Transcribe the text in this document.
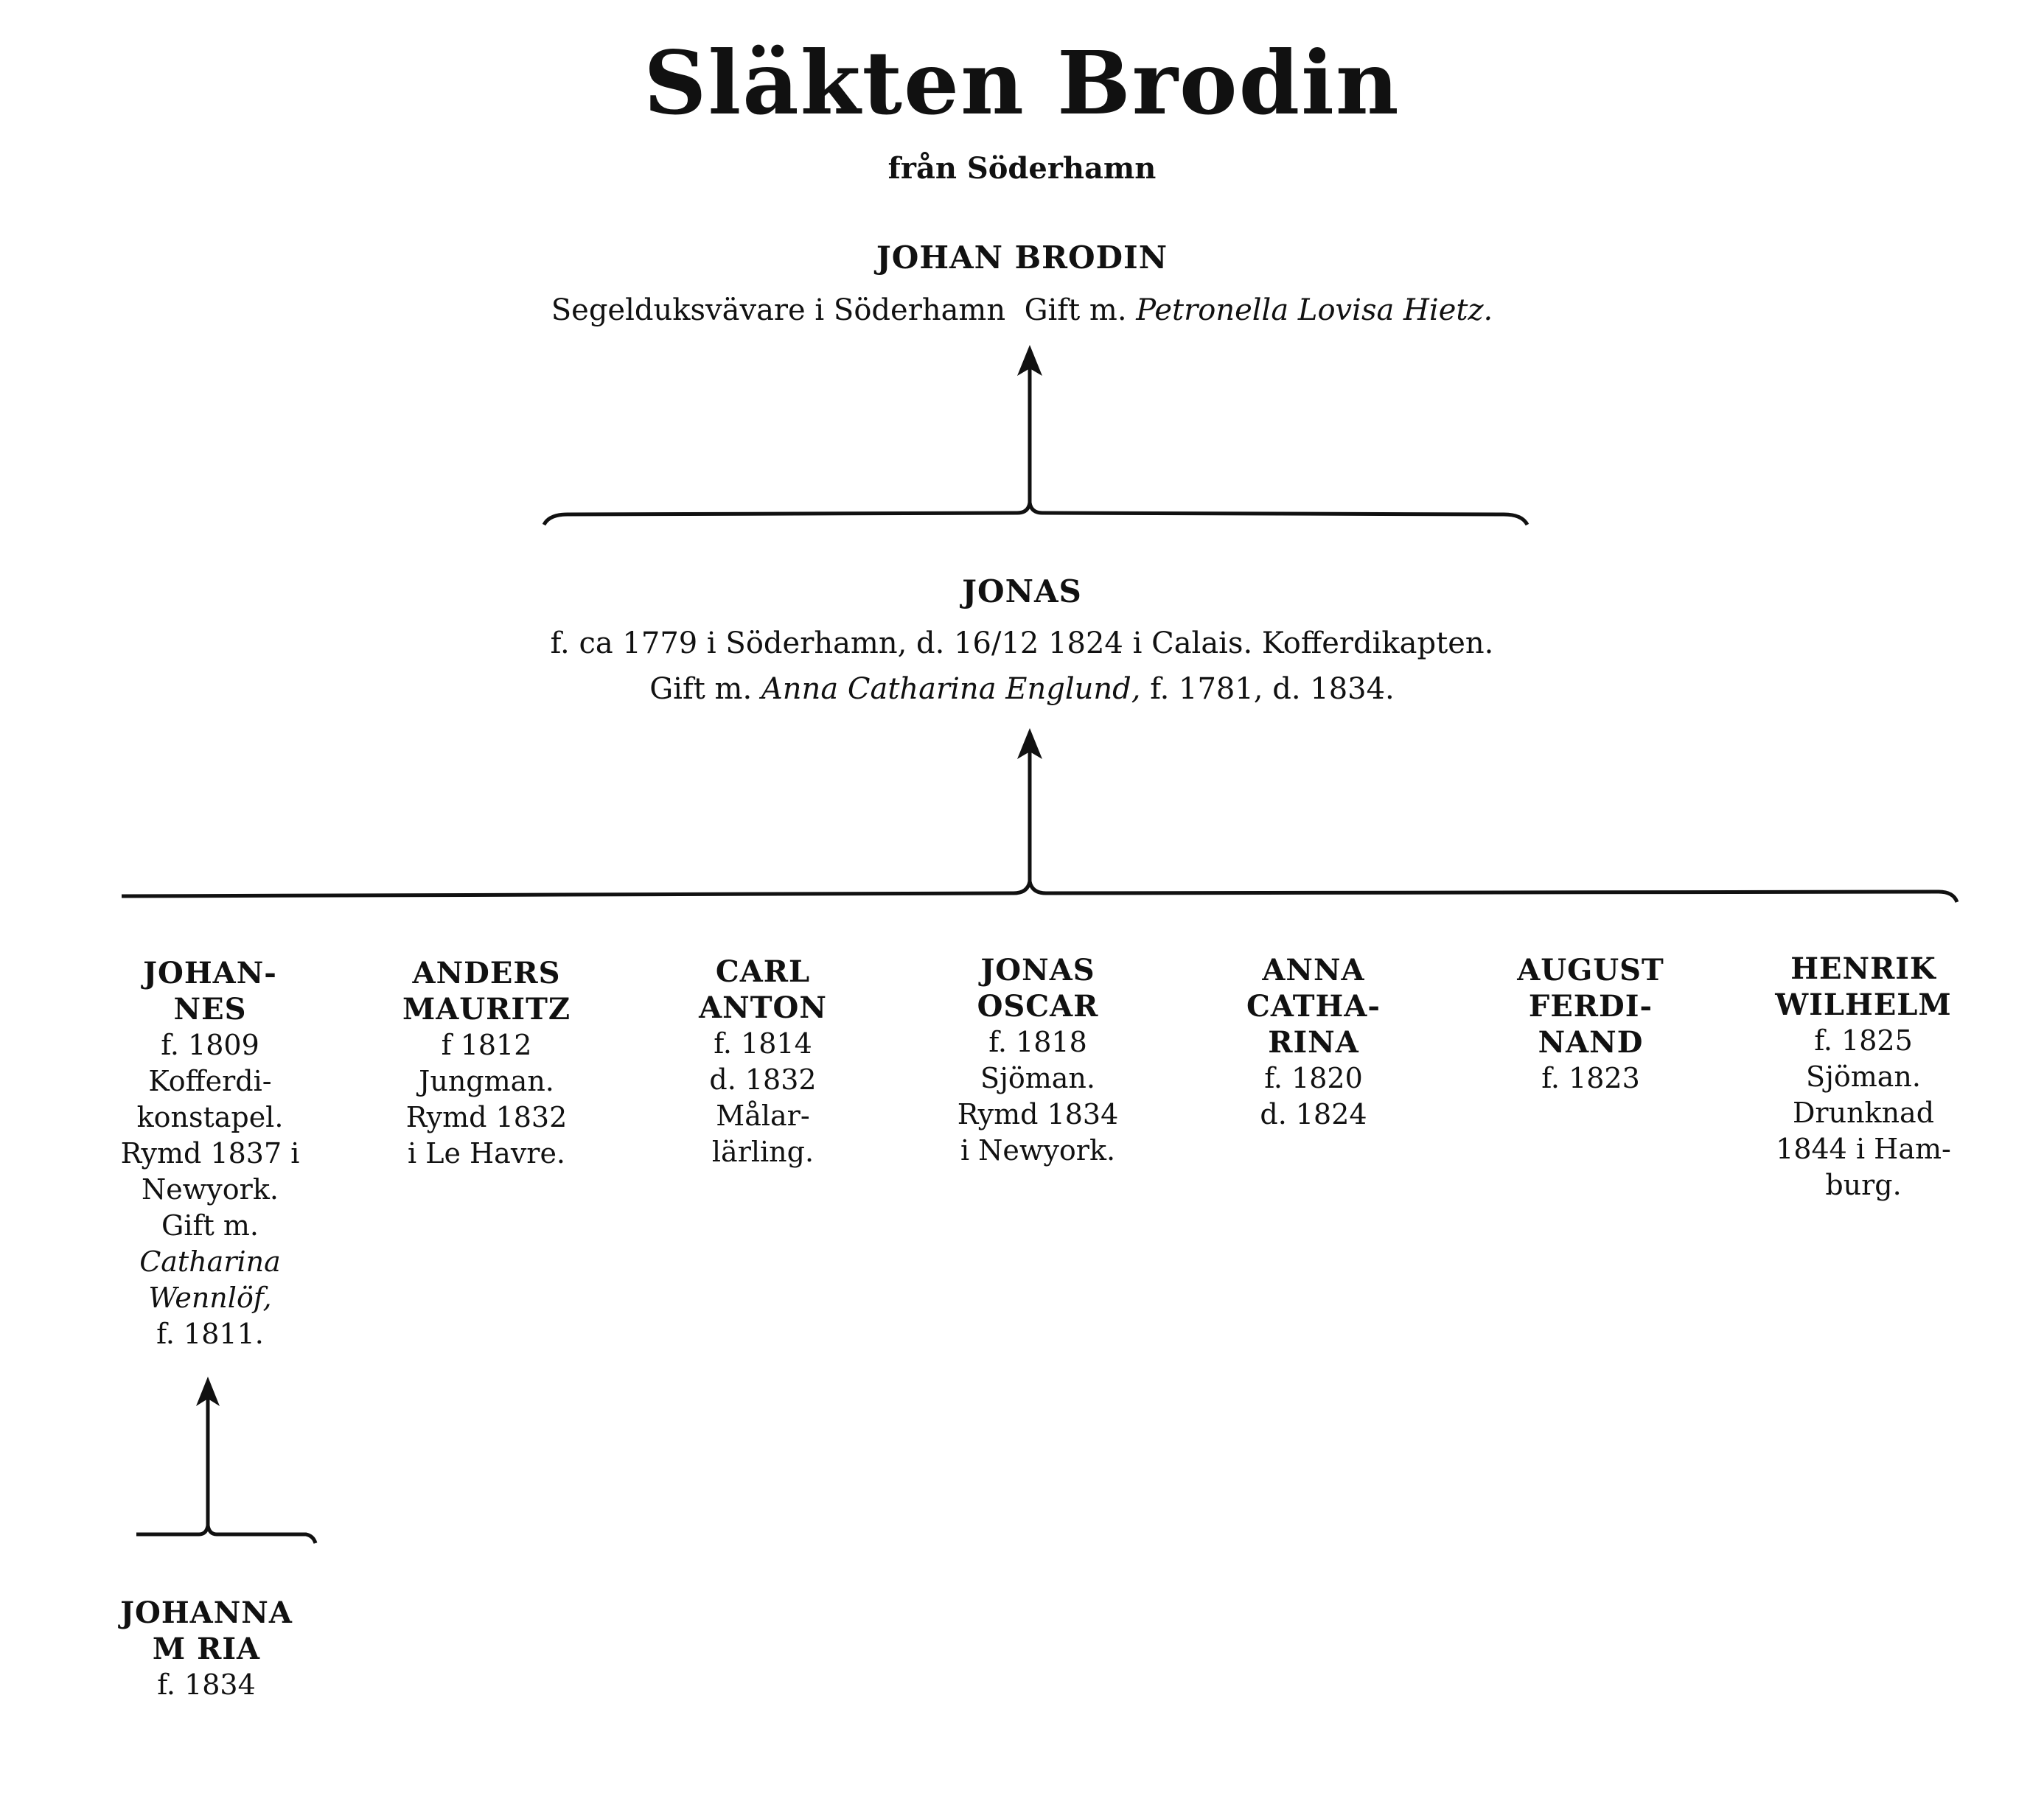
Släkten Brodin
från Söderhamn
JOHAN BRODIN
Segelduksvävare i Söderhamn Gift m. Petronella Lovisa Hietz.
JONAS
f. ca 1779 i Söderhamn, d. 16/12 1824 i Calais. Kofferdikapten.
Gift m. Anna Catharina Englund, f. 1781, d. 1834.
JOHAN-
NES
f. 1809
Kofferdi-
konstapel.
Rymd 1837 i
Newyork.
Gift m.
Catharina
Wennlöf,
f. 1811.
ANDERS
MAURITZ
f 1812
Jungman.
Rymd 1832
i Le Havre.
CARL
ANTON
f. 1814
d. 1832
Målar-
lärling.
JONAS
OSCAR
f. 1818
Sjöman.
Rymd 1834
i Newyork.
ANNA
CATHA-
RINA
f. 1820
d. 1824
AUGUST
FERDI-
NAND
f. 1823
HENRIK
WILHELM
f. 1825
Sjöman.
Drunknad
1844 i Ham-
burg.
JOHANNA
M RIA
f. 1834
